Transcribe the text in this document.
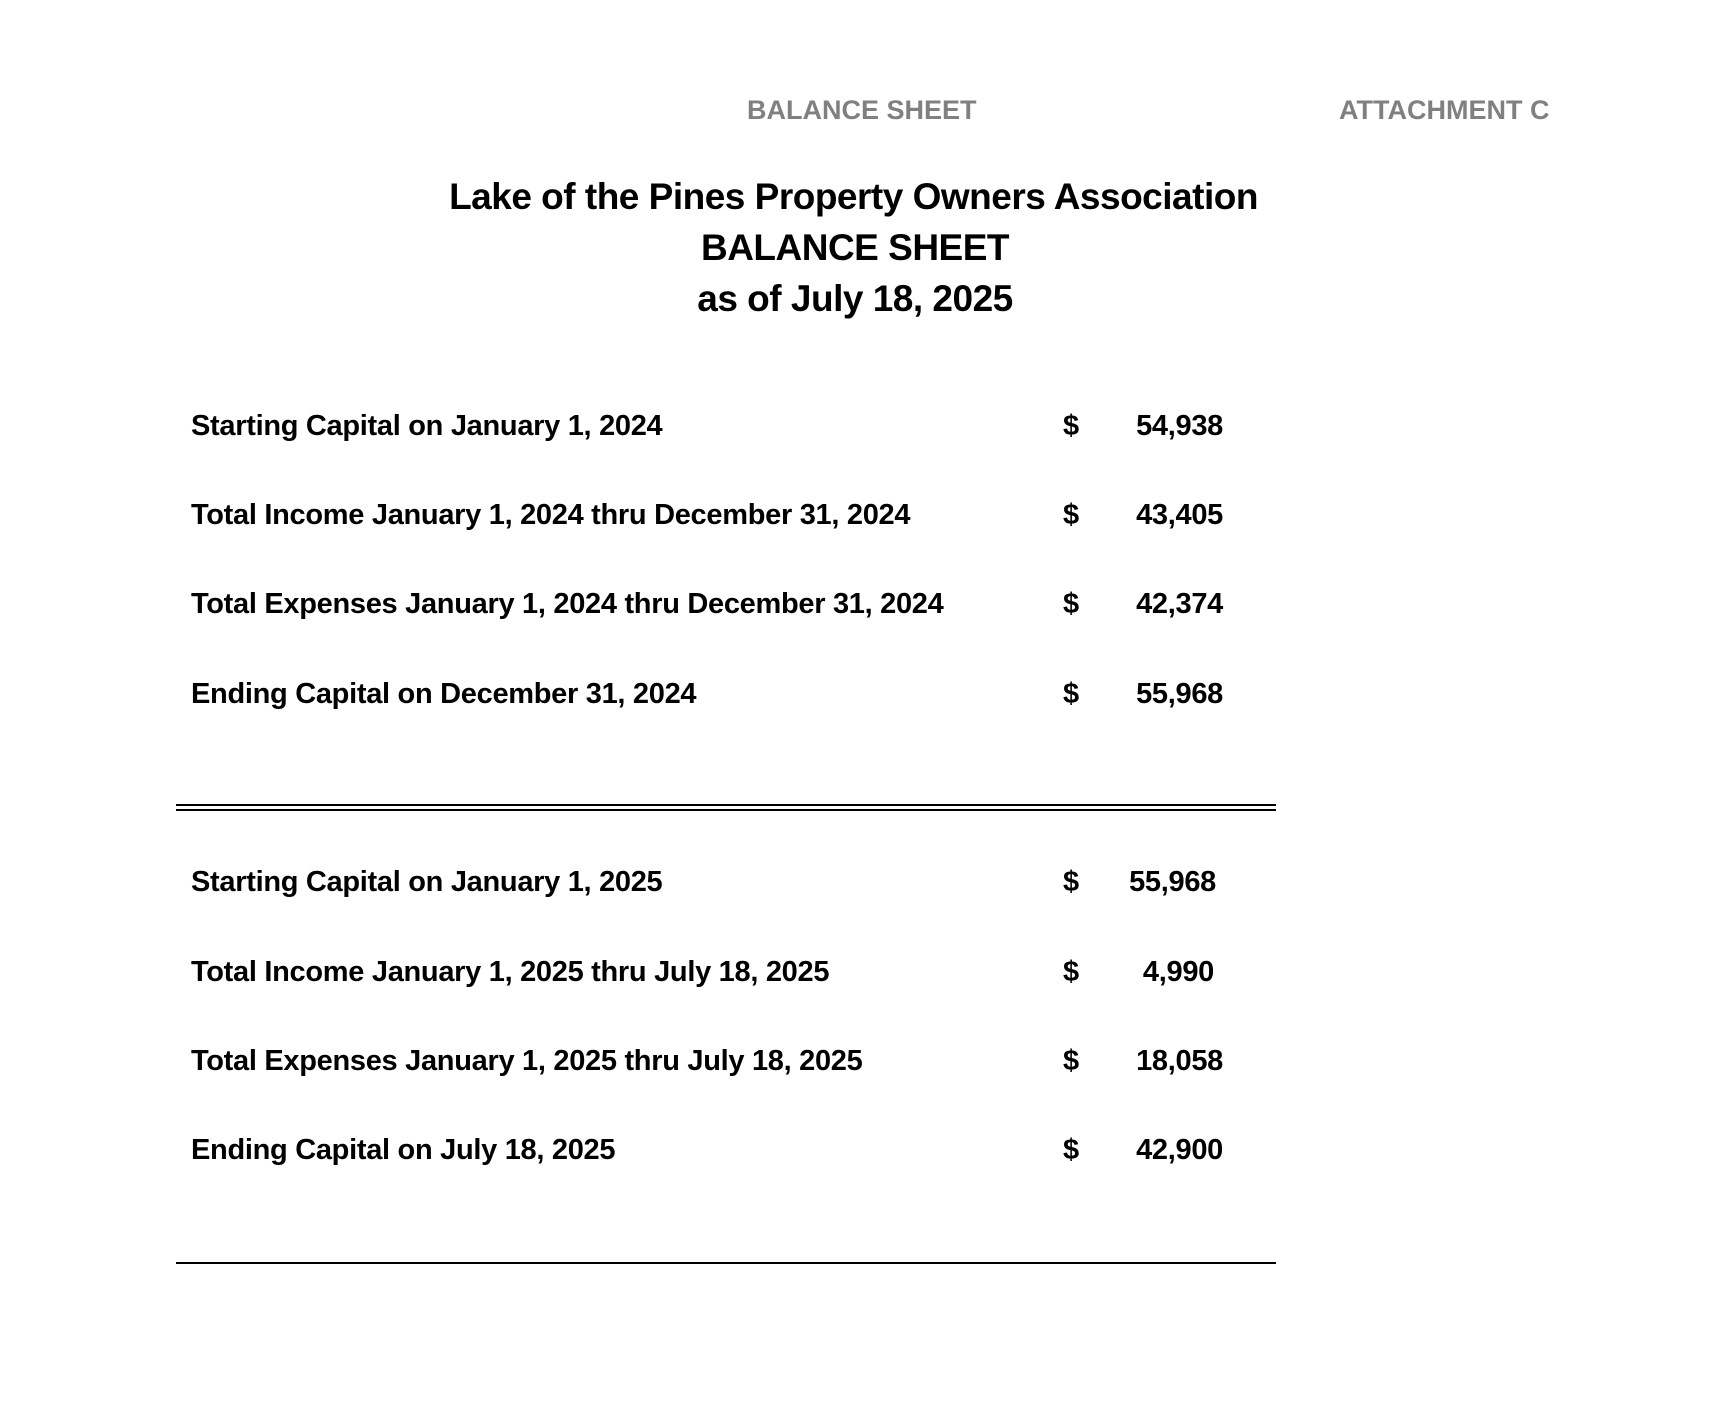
BALANCE SHEET	ATTACHMENT C
Lake of the Pines Property Owners Association
BALANCE SHEET
as of July 18, 2025
Starting Capital on January 1, 2024	$ 54,938
Total Income January 1, 2024 thru December 31, 2024	$ 43,405
Total Expenses January 1, 2024 thru December 31, 2024	$ 42,374
Ending Capital on December 31, 2024	$ 55,968
Starting Capital on January 1, 2025	$ 55,968
Total Income January 1, 2025 thru July 18, 2025	$ 4,990
Total Expenses January 1, 2025 thru July 18, 2025	$ 18,058
Ending Capital on July 18, 2025	$ 42,900
